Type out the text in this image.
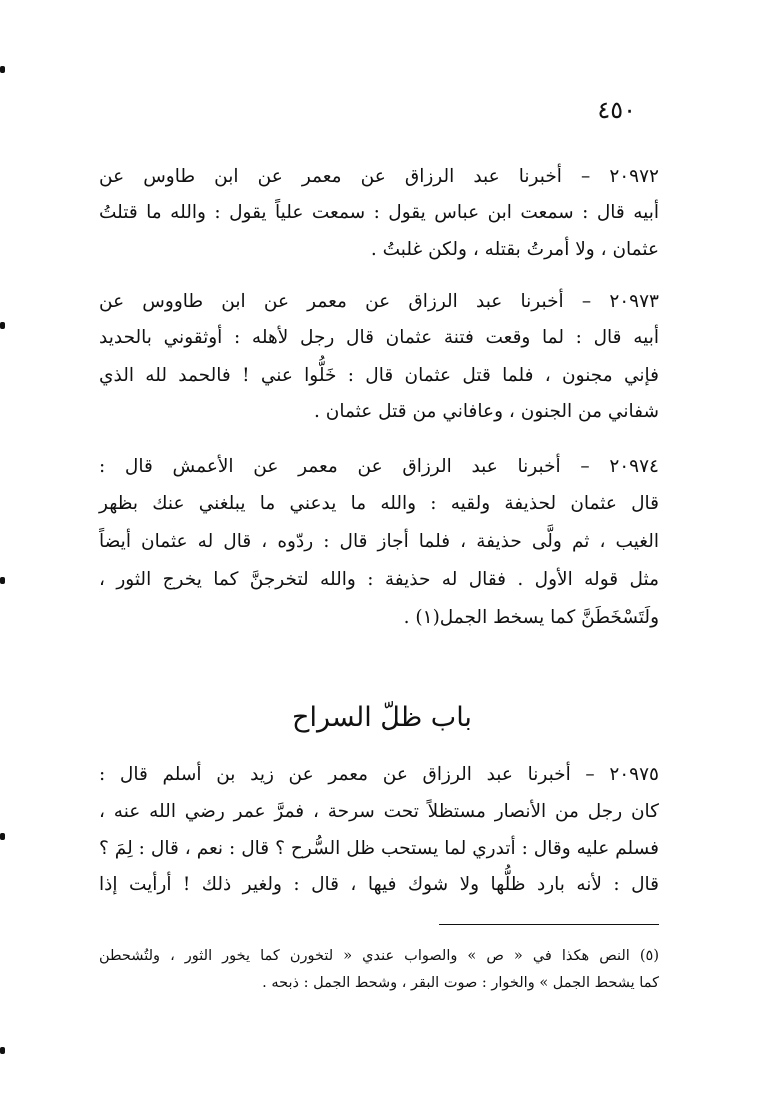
٤٥٠
٢٠٩٧٢ – أخبرنا عبد الرزاق عن معمر عن ابن طاوس عن
أبيه قال : سمعت ابن عباس يقول : سمعت علياً يقول : والله ما قتلتُ
عثمان ، ولا أمرتُ بقتله ، ولكن غلبتُ .
٢٠٩٧٣ – أخبرنا عبد الرزاق عن معمر عن ابن طاووس عن
أبيه قال : لما وقعت فتنة عثمان قال رجل لأهله : أوثقوني بالحديد
فإني مجنون ، فلما قتل عثمان قال : خَلُّوا عني ! فالحمد لله الذي
شفاني من الجنون ، وعافاني من قتل عثمان .
٢٠٩٧٤ – أخبرنا عبد الرزاق عن معمر عن الأعمش قال :
قال عثمان لحذيفة ولقيه : والله ما يدعني ما يبلغني عنك بظهر
الغيب ، ثم ولَّى حذيفة ، فلما أجاز قال : ردّوه ، قال له عثمان أيضاً
مثل قوله الأول . فقال له حذيفة : والله لتخرجنَّ كما يخرج الثور ،
ولَتَسْخَطَنَّ كما يسخط الجمل(١) .
باب ظلّ السراح
٢٠٩٧٥ – أخبرنا عبد الرزاق عن معمر عن زيد بن أسلم قال :
كان رجل من الأنصار مستظلاً تحت سرحة ، فمرَّ عمر رضي الله عنه ،
فسلم عليه وقال : أتدري لما يستحب ظل السُّرح ؟ قال : نعم ، قال : لِمَ ؟
قال : لأنه بارد ظلُّها ولا شوك فيها ، قال : ولغير ذلك ! أرأيت إذا
(٥) النص هكذا في « ص » والصواب عندي « لتخورن كما يخور الثور ، ولتُشحطن
كما يشحط الجمل » والخوار : صوت البقر ، وشحط الجمل : ذبحه .
